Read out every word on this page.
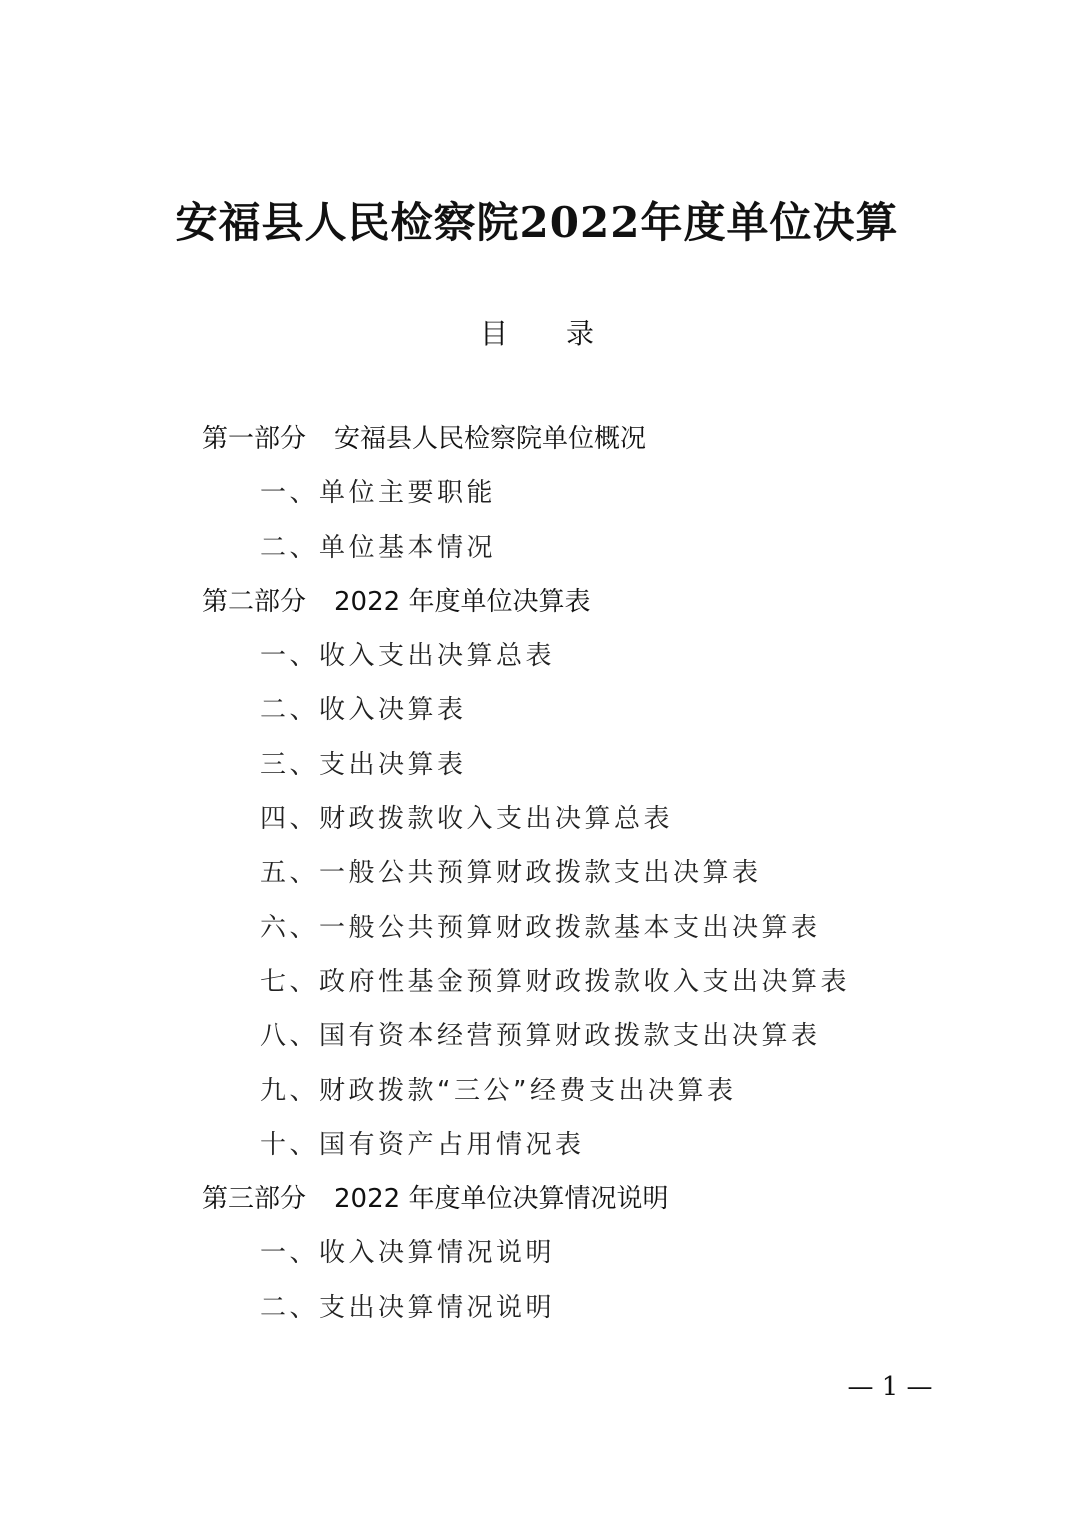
安福县人民检察院2022年度单位决算
目 录
第一部分 安福县人民检察院单位概况
一、单位主要职能
二、单位基本情况
第二部分 2022 年度单位决算表
一、收入支出决算总表
二、收入决算表
三、支出决算表
四、财政拨款收入支出决算总表
五、一般公共预算财政拨款支出决算表
六、一般公共预算财政拨款基本支出决算表
七、政府性基金预算财政拨款收入支出决算表
八、国有资本经营预算财政拨款支出决算表
九、财政拨款“三公”经费支出决算表
十、国有资产占用情况表
第三部分 2022 年度单位决算情况说明
一、收入决算情况说明
二、支出决算情况说明
— 1 —
